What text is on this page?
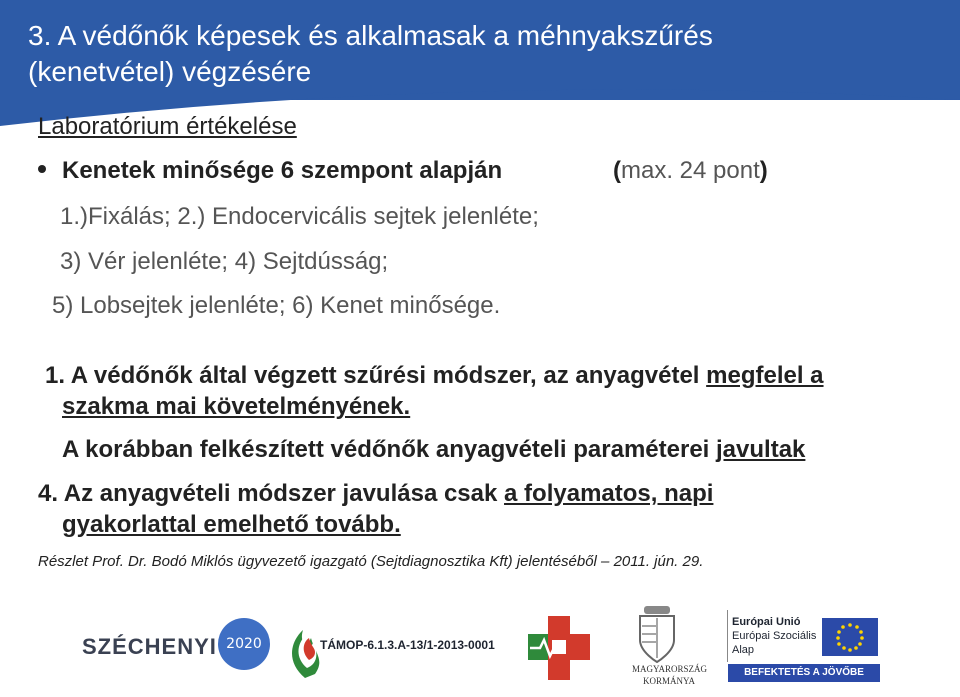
3. A védőnők képesek és alkalmasak a méhnyakszűrés
(kenetvétel) végzésére
Laboratórium értékelése
Kenetek minősége 6 szempont alapján	(max. 24 pont)
1.)Fixálás; 2.) Endocervicális sejtek jelenléte;
3) Vér jelenléte; 4) Sejtdússág;
5) Lobsejtek jelenléte; 6) Kenet minősége.
1. A védőnők által végzett szűrési módszer, az anyagvétel megfelel a
szakma mai követelményének.
A korábban felkészített védőnők anyagvételi paraméterei javultak
4. Az anyagvételi módszer javulása csak a folyamatos, napi
gyakorlattal emelhető tovább.
Részlet Prof. Dr. Bodó Miklós ügyvezető igazgató (Sejtdiagnosztika Kft) jelentéséből – 2011. jún. 29.
SZÉCHENYI 2020	TÁMOP-6.1.3.A-13/1-2013-0001
MAGYARORSZÁG
KORMÁNYA
Európai Unió
Európai Szociális
Alap
BEFEKTETÉS A JÖVŐBE
